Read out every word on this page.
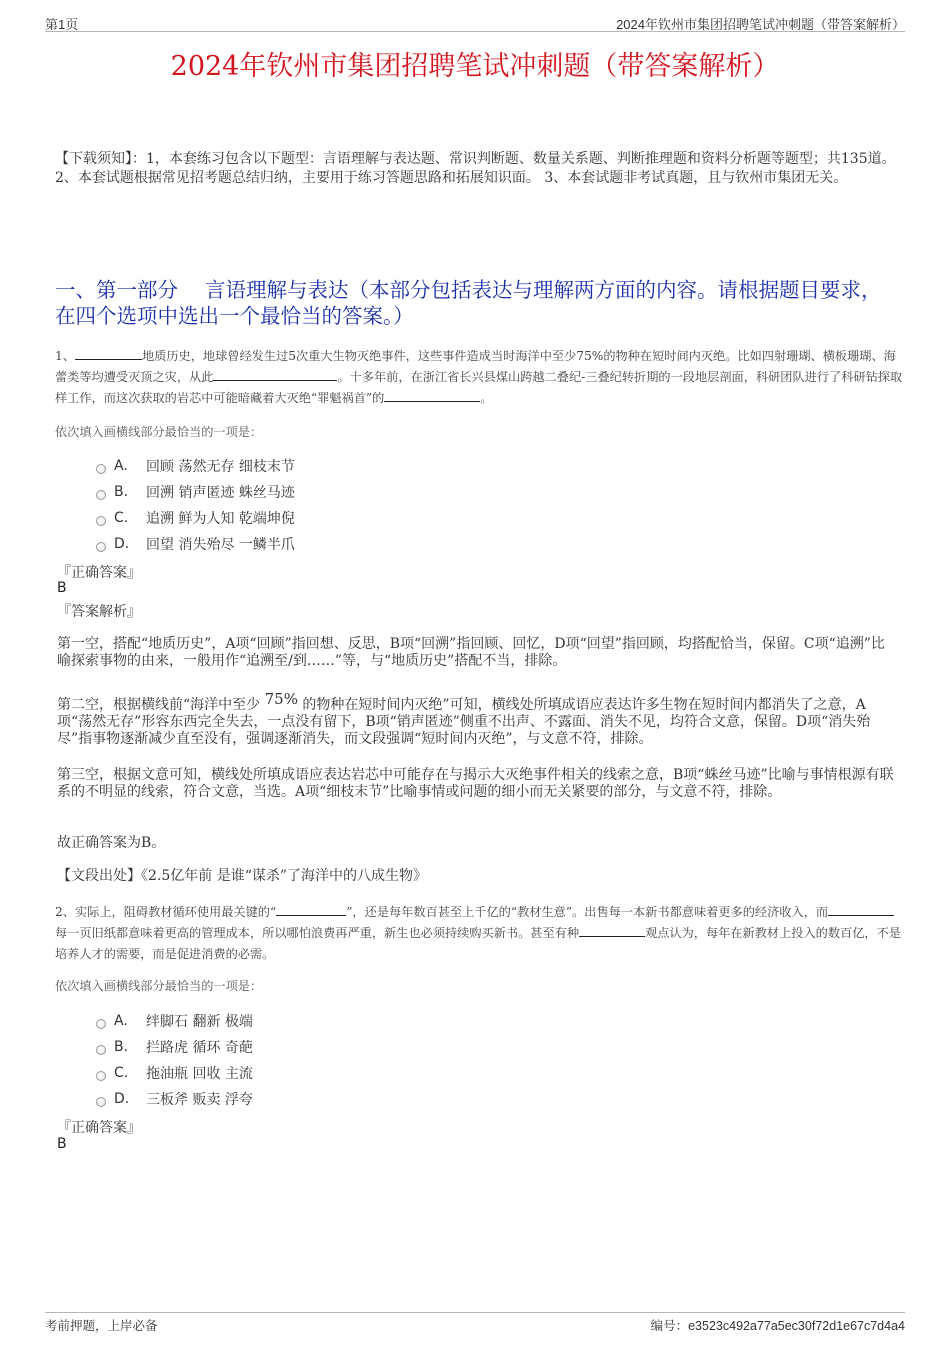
第1页	2024年钦州市集团招聘笔试冲刺题（带答案解析）
2024年钦州市集团招聘笔试冲刺题（带答案解析）
【下载须知】：1，本套练习包含以下题型：言语理解与表达题、常识判断题、数量关系题、判断推理题和资料分析题等题型；共135道。2、本套试题根据常见招考题总结归纳，主要用于练习答题思路和拓展知识面。 3、本套试题非考试真题，且与钦州市集团无关。
一、第一部分　 言语理解与表达（本部分包括表达与理解两方面的内容。请根据题目要求，在四个选项中选出一个最恰当的答案。）
1、	地质历史，地球曾经发生过5次重大生物灭绝事件，这些事件造成当时海洋中至少75%的物种在短时间内灭绝。比如四射珊瑚、横板珊瑚、海蕾类等均遭受灭顶之灾，从此	。十多年前，在浙江省长兴县煤山跨越二叠纪-三叠纪转折期的一段地层剖面，科研团队进行了科研钻探取样工作，而这次获取的岩芯中可能暗藏着大灭绝“罪魁祸首”的	。
依次填入画横线部分最恰当的一项是：
A.	回顾 荡然无存 细枝末节
B.	回溯 销声匿迹 蛛丝马迹
C.	追溯 鲜为人知 乾端坤倪
D.	回望 消失殆尽 一鳞半爪
『正确答案』
B
『答案解析』
第一空，搭配“地质历史”，A项“回顾”指回想、反思，B项“回溯”指回顾、回忆，D项“回望”指回顾，均搭配恰当，保留。C项“追溯”比喻探索事物的由来，一般用作“追溯至/到……”等，与“地质历史”搭配不当，排除。
第二空，根据横线前“海洋中至少 75% 的物种在短时间内灭绝”可知，横线处所填成语应表达许多生物在短时间内都消失了之意，A项“荡然无存”形容东西完全失去，一点没有留下，B项“销声匿迹”侧重不出声、不露面、消失不见，均符合文意，保留。D项“消失殆尽”指事物逐渐减少直至没有，强调逐渐消失，而文段强调“短时间内灭绝”，与文意不符，排除。
第三空，根据文意可知，横线处所填成语应表达岩芯中可能存在与揭示大灭绝事件相关的线索之意，B项“蛛丝马迹”比喻与事情根源有联系的不明显的线索，符合文意，当选。A项“细枝末节”比喻事情或问题的细小而无关紧要的部分，与文意不符，排除。
故正确答案为B。
【文段出处】《2.5亿年前 是谁“谋杀”了海洋中的八成生物》
2、实际上，阻碍教材循环使用最关键的“	”，还是每年数百甚至上千亿的“教材生意”。出售每一本新书都意味着更多的经济收入，而每一页旧纸都意味着更高的管理成本，所以哪怕浪费再严重，新生也必须持续购买新书。甚至有种	观点认为，每年在新教材上投入的数百亿，不是培养人才的需要，而是促进消费的必需。
依次填入画横线部分最恰当的一项是：
A.	绊脚石 翻新 极端
B.	拦路虎 循环 奇葩
C.	拖油瓶 回收 主流
D.	三板斧 贩卖 浮夸
『正确答案』
B
考前押题，上岸必备	编号：e3523c492a77a5ec30f72d1e67c7d4a4
